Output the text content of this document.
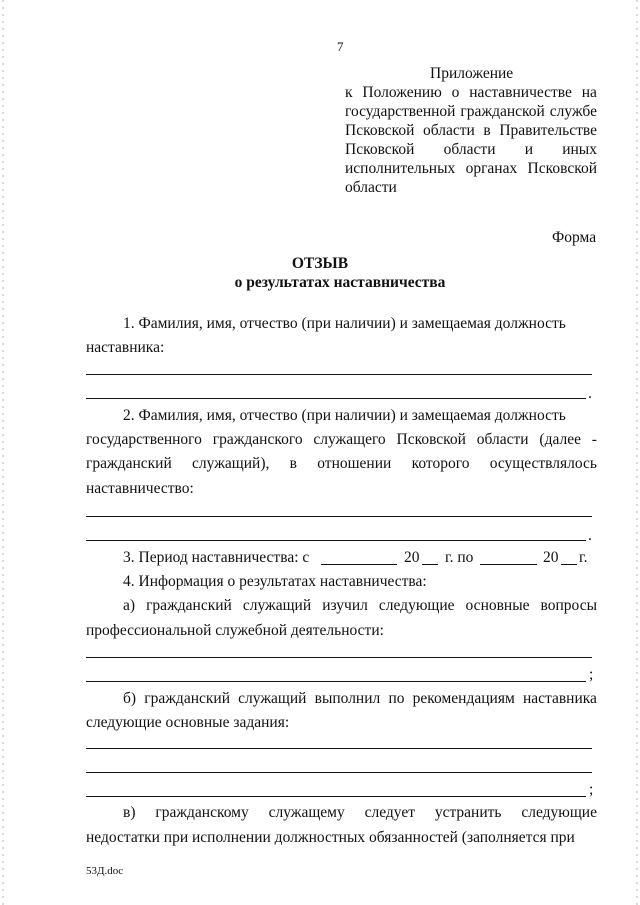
7
Приложение
к Положению о наставничестве на
государственной гражданской службе
Псковской области в Правительстве
Псковской области и иных
исполнительных органах Псковской
области
Форма
ОТЗЫВ
о результатах наставничества
1. Фамилия, имя, отчество (при наличии) и замещаемая должность
наставника:
.
2. Фамилия, имя, отчество (при наличии) и замещаемая должность
государственного гражданского служащего Псковской области (далее -
гражданский служащий), в отношении которого осуществлялось
наставничество:
.
3. Период наставничества: с	20 г. по	20 г.
4. Информация о результатах наставничества:
а) гражданский служащий изучил следующие основные вопросы
профессиональной служебной деятельности:
;
б) гражданский служащий выполнил по рекомендациям наставника
следующие основные задания:
;
в) гражданскому служащему следует устранить следующие
недостатки при исполнении должностных обязанностей (заполняется при
53Д.doc
